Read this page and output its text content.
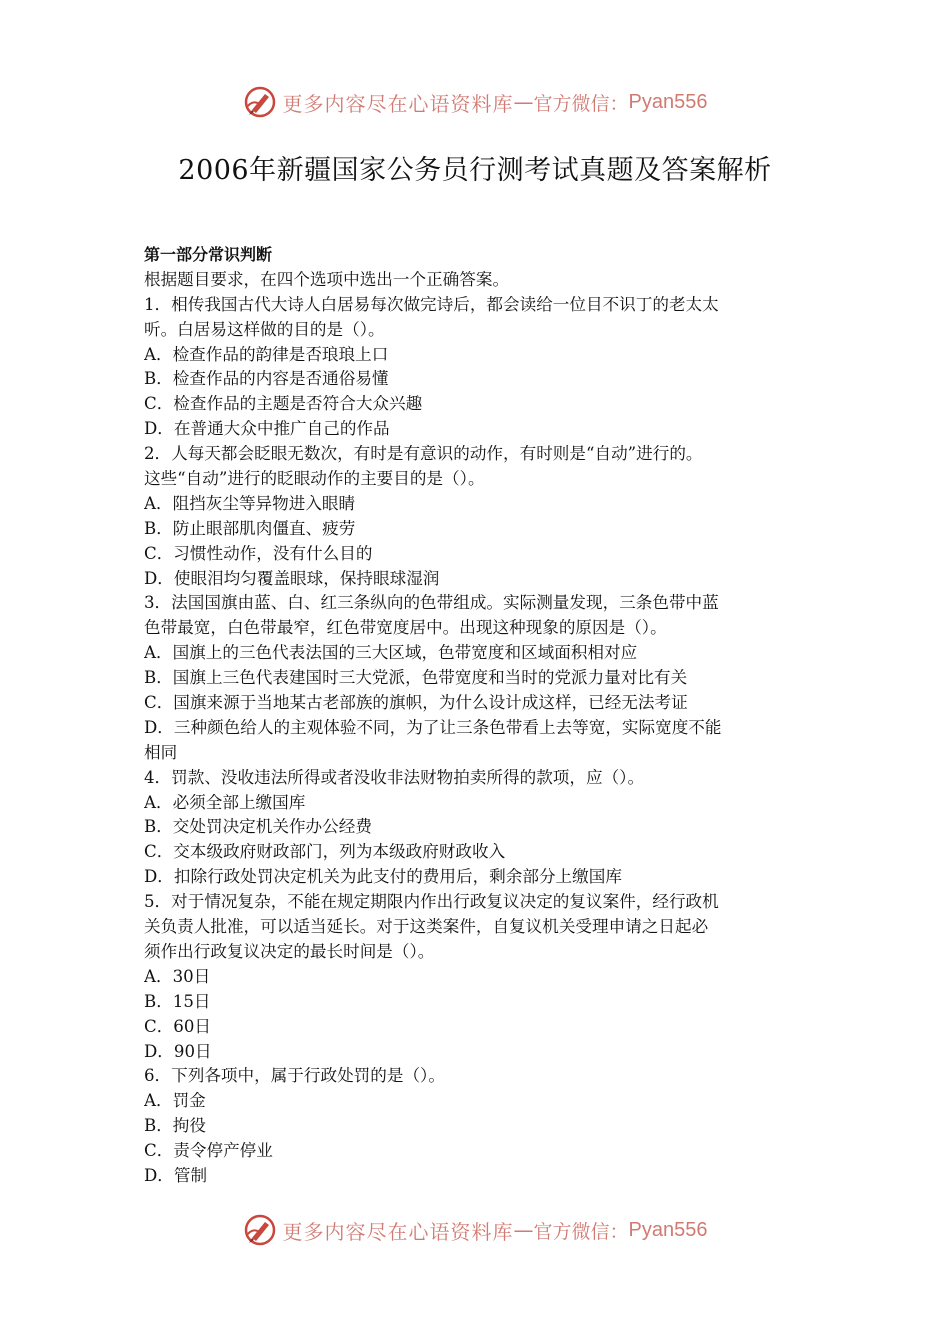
更多内容尽在心语资料库 — 官方微信： Pyan556
2006年新疆国家公务员行测考试真题及答案解析
第一部分常识判断
根据题目要求，在四个选项中选出一个正确答案。
1．相传我国古代大诗人白居易每次做完诗后，都会读给一位目不识丁的老太太
听。白居易这样做的目的是（）。
A．检查作品的韵律是否琅琅上口
B．检查作品的内容是否通俗易懂
C．检查作品的主题是否符合大众兴趣
D．在普通大众中推广自己的作品
2．人每天都会眨眼无数次，有时是有意识的动作，有时则是“自动”进行的。
这些“自动”进行的眨眼动作的主要目的是（）。
A．阻挡灰尘等异物进入眼睛
B．防止眼部肌肉僵直、疲劳
C．习惯性动作，没有什么目的
D．使眼泪均匀覆盖眼球，保持眼球湿润
3．法国国旗由蓝、白、红三条纵向的色带组成。实际测量发现，三条色带中蓝
色带最宽，白色带最窄，红色带宽度居中。出现这种现象的原因是（）。
A．国旗上的三色代表法国的三大区域，色带宽度和区域面积相对应
B．国旗上三色代表建国时三大党派，色带宽度和当时的党派力量对比有关
C．国旗来源于当地某古老部族的旗帜，为什么设计成这样，已经无法考证
D．三种颜色给人的主观体验不同，为了让三条色带看上去等宽，实际宽度不能
相同
4．罚款、没收违法所得或者没收非法财物拍卖所得的款项，应（）。
A．必须全部上缴国库
B．交处罚决定机关作办公经费
C．交本级政府财政部门，列为本级政府财政收入
D．扣除行政处罚决定机关为此支付的费用后，剩余部分上缴国库
5．对于情况复杂，不能在规定期限内作出行政复议决定的复议案件，经行政机
关负责人批准，可以适当延长。对于这类案件，自复议机关受理申请之日起必
须作出行政复议决定的最长时间是（）。
A．30日
B．15日
C．60日
D．90日
6．下列各项中，属于行政处罚的是（）。
A．罚金
B．拘役
C．责令停产停业
D．管制
更多内容尽在心语资料库 — 官方微信： Pyan556
